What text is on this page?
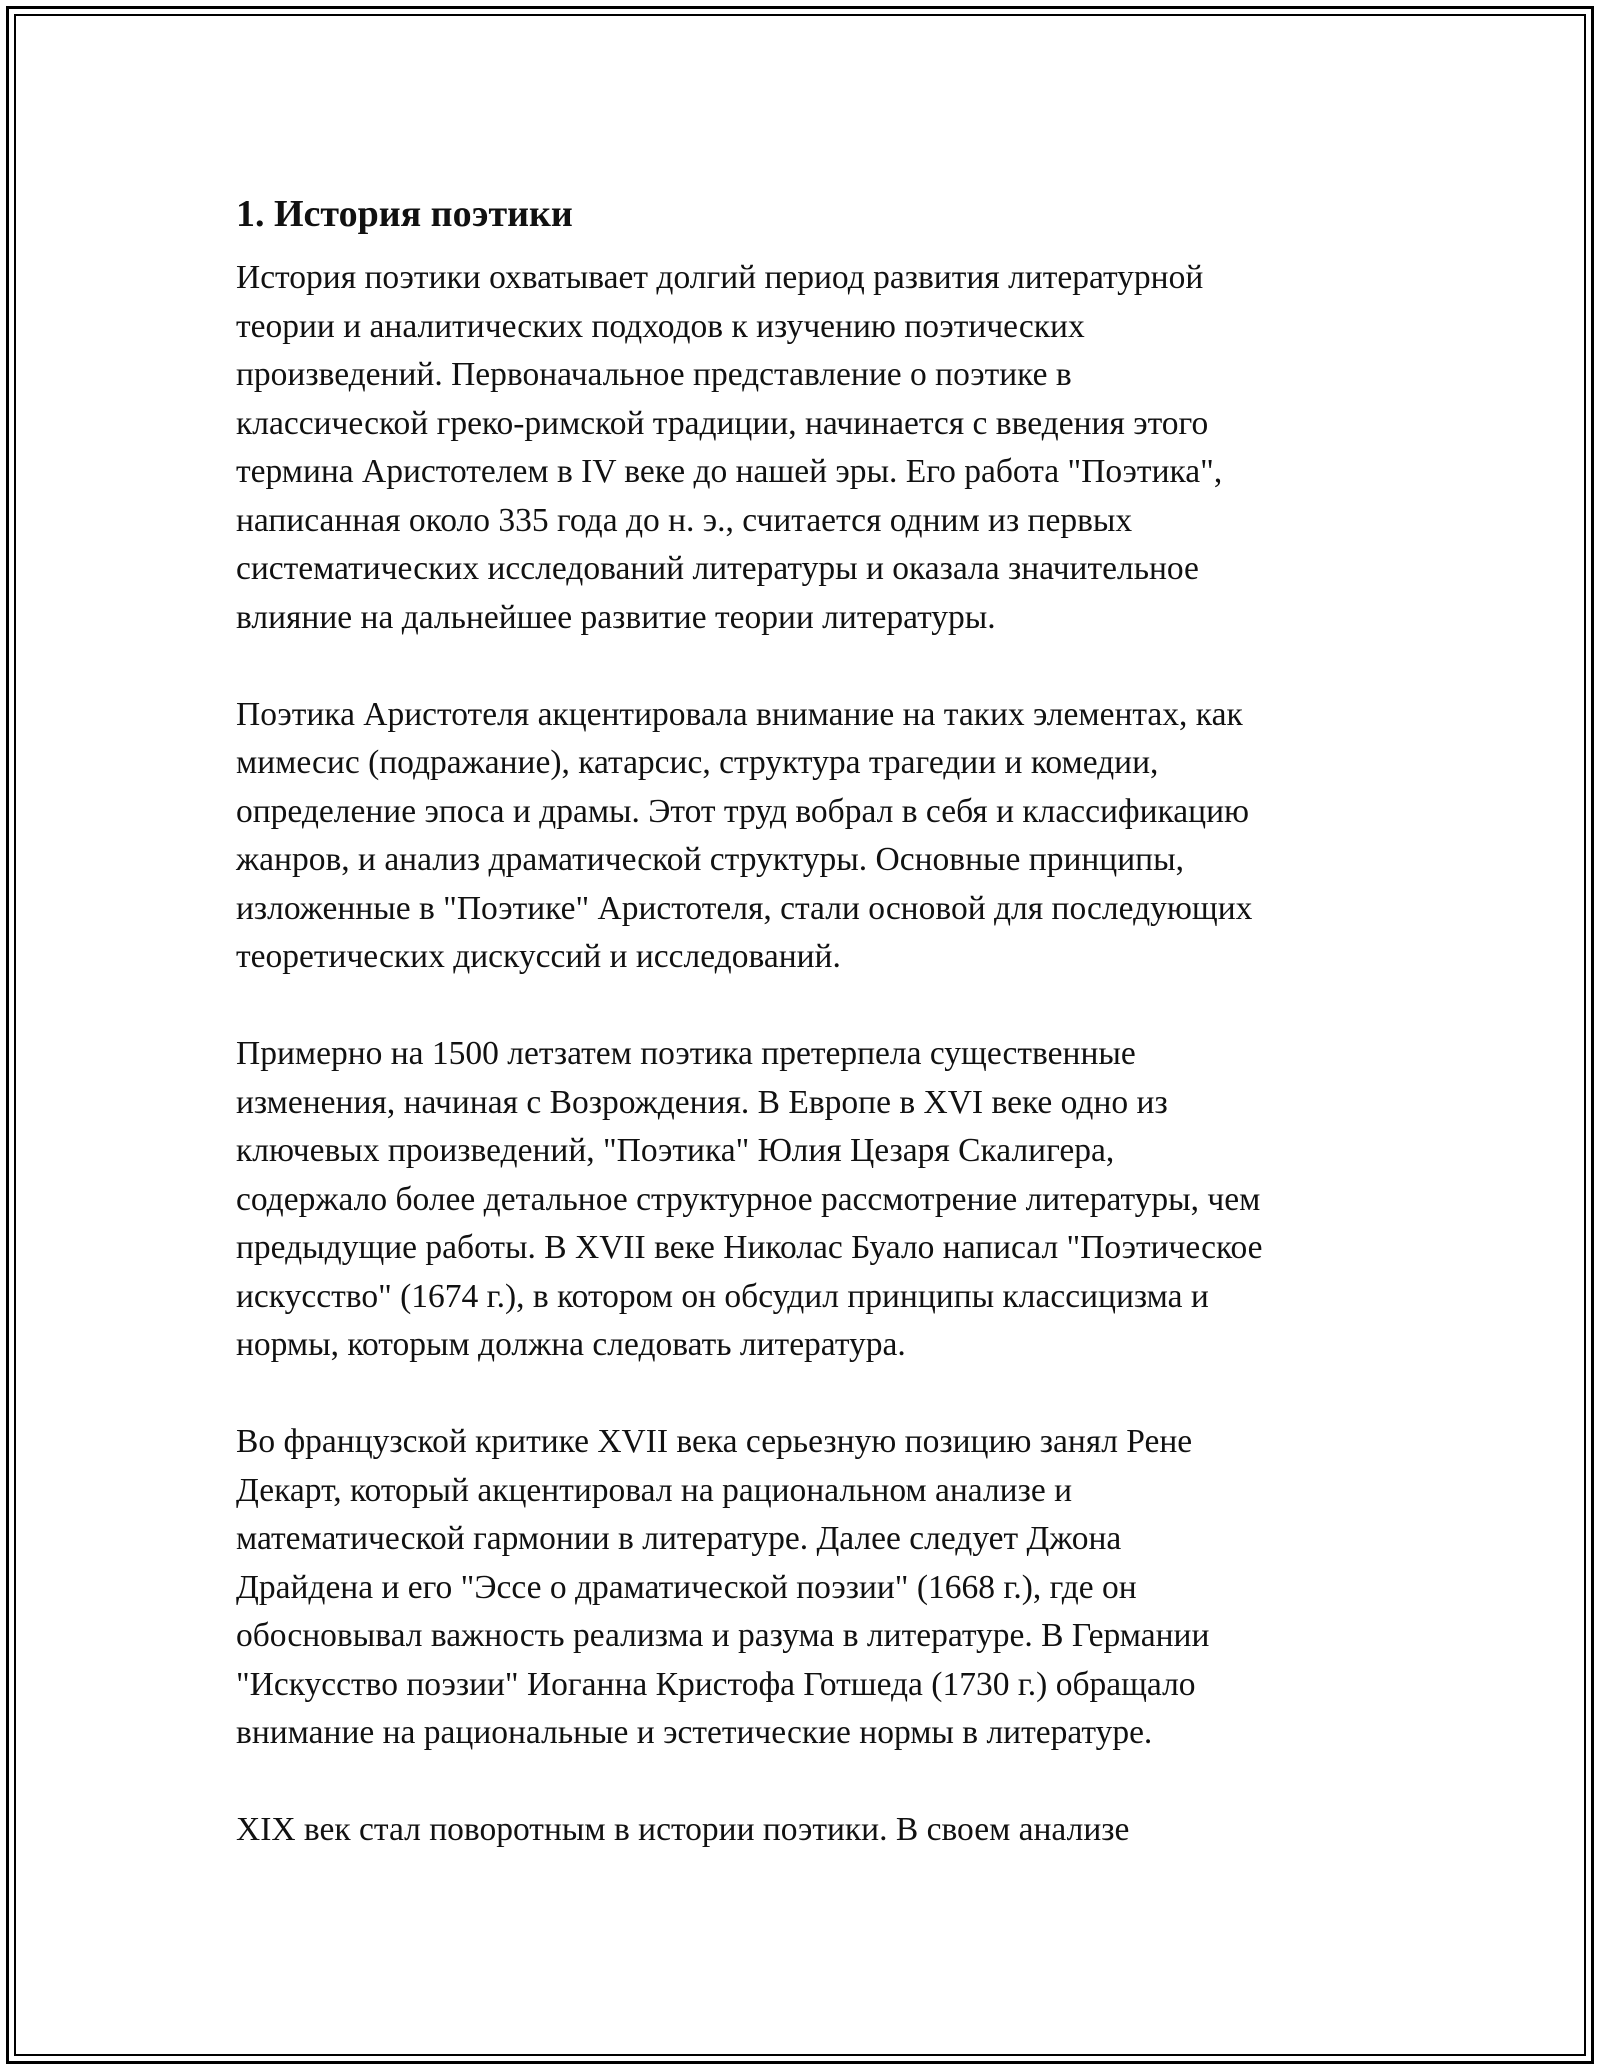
1. История поэтики

История поэтики охватывает долгий период развития литературной
теории и аналитических подходов к изучению поэтических
произведений. Первоначальное представление о поэтике в
классической греко-римской традиции, начинается с введения этого
термина Аристотелем в IV веке до нашей эры. Его работа "Поэтика",
написанная около 335 года до н. э., считается одним из первых
систематических исследований литературы и оказала значительное
влияние на дальнейшее развитие теории литературы.

Поэтика Аристотеля акцентировала внимание на таких элементах, как
мимесис (подражание), катарсис, структура трагедии и комедии,
определение эпоса и драмы. Этот труд вобрал в себя и классификацию
жанров, и анализ драматической структуры. Основные принципы,
изложенные в "Поэтике" Аристотеля, стали основой для последующих
теоретических дискуссий и исследований.

Примерно на 1500 летзатем поэтика претерпела существенные
изменения, начиная с Возрождения. В Европе в XVI веке одно из
ключевых произведений, "Поэтика" Юлия Цезаря Скалигера,
содержало более детальное структурное рассмотрение литературы, чем
предыдущие работы. В XVII веке Николас Буало написал "Поэтическое
искусство" (1674 г.), в котором он обсудил принципы классицизма и
нормы, которым должна следовать литература.

Во французской критике XVII века серьезную позицию занял Рене
Декарт, который акцентировал на рациональном анализе и
математической гармонии в литературе. Далее следует Джона
Драйдена и его "Эссе о драматической поэзии" (1668 г.), где он
обосновывал важность реализма и разума в литературе. В Германии
"Искусство поэзии" Иоганна Кристофа Готшеда (1730 г.) обращало
внимание на рациональные и эстетические нормы в литературе.

XIX век стал поворотным в истории поэтики. В своем анализе
